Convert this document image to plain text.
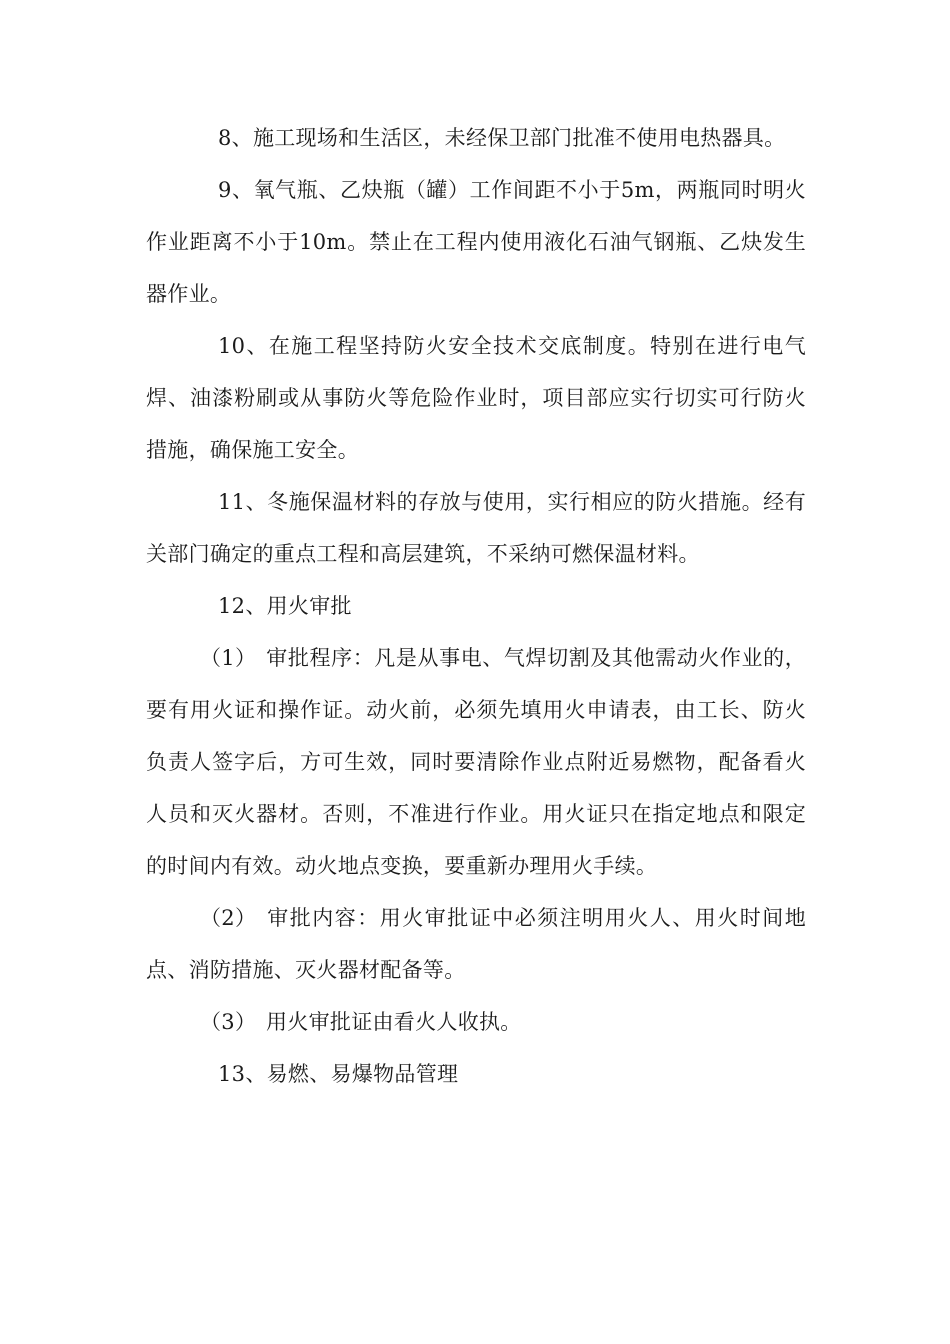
8、施工现场和生活区，未经保卫部门批准不使用电热器具。

9、氧气瓶、乙炔瓶（罐）工作间距不小于5m，两瓶同时明火作业距离不小于10m。禁止在工程内使用液化石油气钢瓶、乙炔发生器作业。

10、在施工程坚持防火安全技术交底制度。特别在进行电气焊、油漆粉刷或从事防火等危险作业时，项目部应实行切实可行防火措施，确保施工安全。

11、冬施保温材料的存放与使用，实行相应的防火措施。经有关部门确定的重点工程和高层建筑，不采纳可燃保温材料。

12、用火审批

（1） 审批程序：凡是从事电、气焊切割及其他需动火作业的，要有用火证和操作证。动火前，必须先填用火申请表，由工长、防火负责人签字后，方可生效，同时要清除作业点附近易燃物，配备看火人员和灭火器材。否则，不准进行作业。用火证只在指定地点和限定的时间内有效。动火地点变换，要重新办理用火手续。

（2） 审批内容：用火审批证中必须注明用火人、用火时间地点、消防措施、灭火器材配备等。

（3） 用火审批证由看火人收执。

13、易燃、易爆物品管理
